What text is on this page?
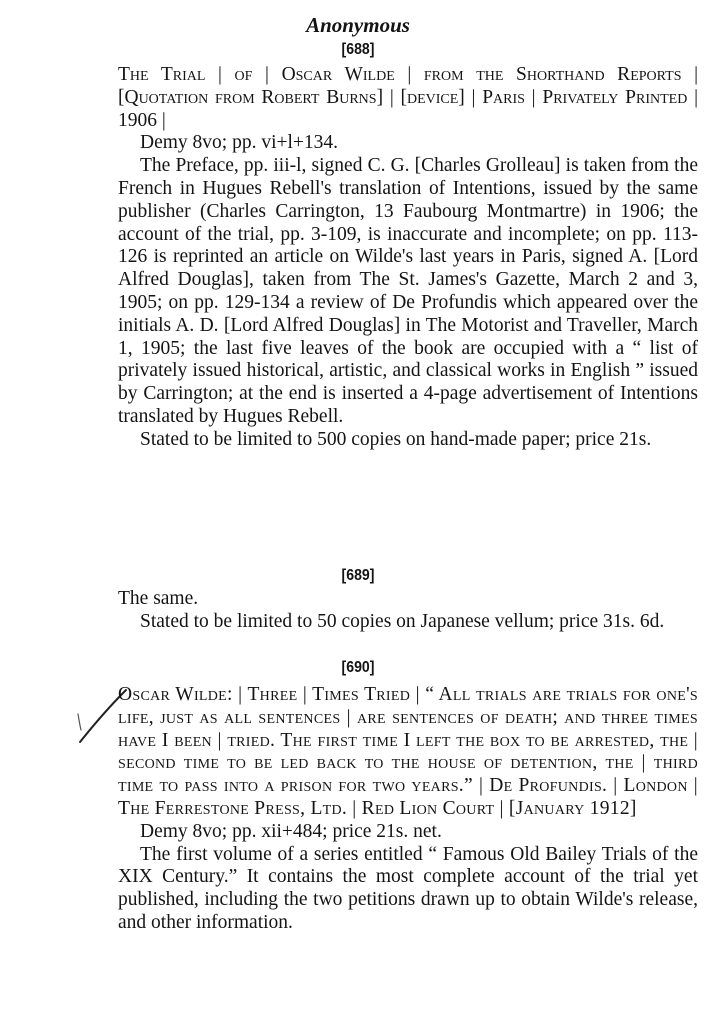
Anonymous
[688]

The Trial | of | Oscar Wilde | from the Shorthand Reports | [Quotation from Robert Burns] | [device] | Paris | Privately Printed | 1906 |

Demy 8vo; pp. vi+l+134.

The Preface, pp. iii-l, signed C. G. [Charles Grolleau] is taken from the French in Hugues Rebell's translation of Intentions, issued by the same publisher (Charles Carrington, 13 Faubourg Montmartre) in 1906; the account of the trial, pp. 3-109, is inaccurate and incomplete; on pp. 113-126 is reprinted an article on Wilde's last years in Paris, signed A. [Lord Alfred Douglas], taken from The St. James's Gazette, March 2 and 3, 1905; on pp. 129-134 a review of De Profundis which appeared over the initials A. D. [Lord Alfred Douglas] in The Motorist and Traveller, March 1, 1905; the last five leaves of the book are occupied with a “ list of privately issued historical, artistic, and classical works in English ” issued by Carrington; at the end is inserted a 4-page advertisement of Intentions translated by Hugues Rebell.

Stated to be limited to 500 copies on hand-made paper; price 21s.

[689]

The same.

Stated to be limited to 50 copies on Japanese vellum; price 31s. 6d.

[690]

Oscar Wilde: | Three | Times Tried | “ All trials are trials for one's life, just as all sentences | are sentences of death; and three times have I been | tried. The first time I left the box to be arrested, the | second time to be led back to the house of detention, the | third time to pass into a prison for two years.” | De Profundis. | London | The Ferrestone Press, Ltd. | Red Lion Court | [January 1912]

Demy 8vo; pp. xii+484; price 21s. net.

The first volume of a series entitled “ Famous Old Bailey Trials of the XIX Century.” It contains the most complete account of the trial yet published, including the two petitions drawn up to obtain Wilde's release, and other information.
